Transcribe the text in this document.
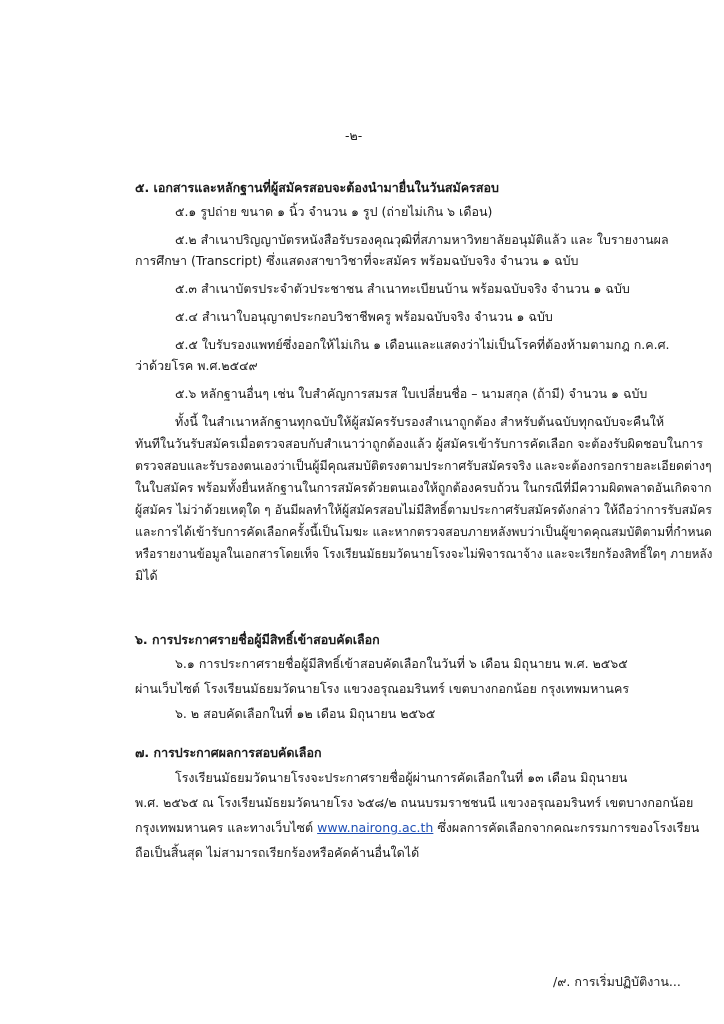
-๒-
๕. เอกสารและหลักฐานที่ผู้สมัครสอบจะต้องนำมายื่นในวันสมัครสอบ
๕.๑ รูปถ่าย ขนาด ๑ นิ้ว จำนวน ๑ รูป (ถ่ายไม่เกิน ๖ เดือน)
๕.๒ สำเนาปริญญาบัตรหนังสือรับรองคุณวุฒิที่สภามหาวิทยาลัยอนุมัติแล้ว และ ใบรายงานผล
การศึกษา (Transcript) ซึ่งแสดงสาขาวิชาที่จะสมัคร พร้อมฉบับจริง จำนวน ๑ ฉบับ
๕.๓ สำเนาบัตรประจำตัวประชาชน สำเนาทะเบียนบ้าน พร้อมฉบับจริง จำนวน ๑ ฉบับ
๕.๔ สำเนาใบอนุญาตประกอบวิชาชีพครู พร้อมฉบับจริง จำนวน ๑ ฉบับ
๕.๕ ใบรับรองแพทย์ซึ่งออกให้ไม่เกิน ๑ เดือนและแสดงว่าไม่เป็นโรคที่ต้องห้ามตามกฎ ก.ค.ศ.
ว่าด้วยโรค พ.ศ.๒๕๔๙
๕.๖ หลักฐานอื่นๆ เช่น ใบสำคัญการสมรส ใบเปลี่ยนชื่อ – นามสกุล (ถ้ามี) จำนวน ๑ ฉบับ
ทั้งนี้ ในสำเนาหลักฐานทุกฉบับให้ผู้สมัครรับรองสำเนาถูกต้อง สำหรับต้นฉบับทุกฉบับจะคืนให้
ทันทีในวันรับสมัครเมื่อตรวจสอบกับสำเนาว่าถูกต้องแล้ว ผู้สมัครเข้ารับการคัดเลือก จะต้องรับผิดชอบในการ
ตรวจสอบและรับรองตนเองว่าเป็นผู้มีคุณสมบัติตรงตามประกาศรับสมัครจริง และจะต้องกรอกรายละเอียดต่างๆ
ในใบสมัคร พร้อมทั้งยื่นหลักฐานในการสมัครด้วยตนเองให้ถูกต้องครบถ้วน ในกรณีที่มีความผิดพลาดอันเกิดจาก
ผู้สมัคร ไม่ว่าด้วยเหตุใด ๆ อันมีผลทำให้ผู้สมัครสอบไม่มีสิทธิ์ตามประกาศรับสมัครดังกล่าว ให้ถือว่าการรับสมัคร
และการได้เข้ารับการคัดเลือกครั้งนี้เป็นโมฆะ และหากตรวจสอบภายหลังพบว่าเป็นผู้ขาดคุณสมบัติตามที่กำหนด
หรือรายงานข้อมูลในเอกสารโดยเท็จ โรงเรียนมัธยมวัดนายโรงจะไม่พิจารณาจ้าง และจะเรียกร้องสิทธิ์ใดๆ ภายหลัง
มิได้
๖. การประกาศรายชื่อผู้มีสิทธิ์เข้าสอบคัดเลือก
๖.๑ การประกาศรายชื่อผู้มีสิทธิ์เข้าสอบคัดเลือกในวันที่ ๖ เดือน มิถุนายน พ.ศ. ๒๕๖๕
ผ่านเว็บไซต์ โรงเรียนมัธยมวัดนายโรง แขวงอรุณอมรินทร์ เขตบางกอกน้อย กรุงเทพมหานคร
๖. ๒ สอบคัดเลือกในที่ ๑๒ เดือน มิถุนายน ๒๕๖๕
๗. การประกาศผลการสอบคัดเลือก
โรงเรียนมัธยมวัดนายโรงจะประกาศรายชื่อผู้ผ่านการคัดเลือกในที่ ๑๓ เดือน มิถุนายน
พ.ศ. ๒๕๖๕ ณ โรงเรียนมัธยมวัดนายโรง ๖๕๘/๒ ถนนบรมราชชนนี แขวงอรุณอมรินทร์ เขตบางกอกน้อย
กรุงเทพมหานคร และทางเว็บไซต์ www.nairong.ac.th ซึ่งผลการคัดเลือกจากคณะกรรมการของโรงเรียน
ถือเป็นสิ้นสุด ไม่สามารถเรียกร้องหรือคัดค้านอื่นใดได้
/๙. การเริ่มปฏิบัติงาน...
